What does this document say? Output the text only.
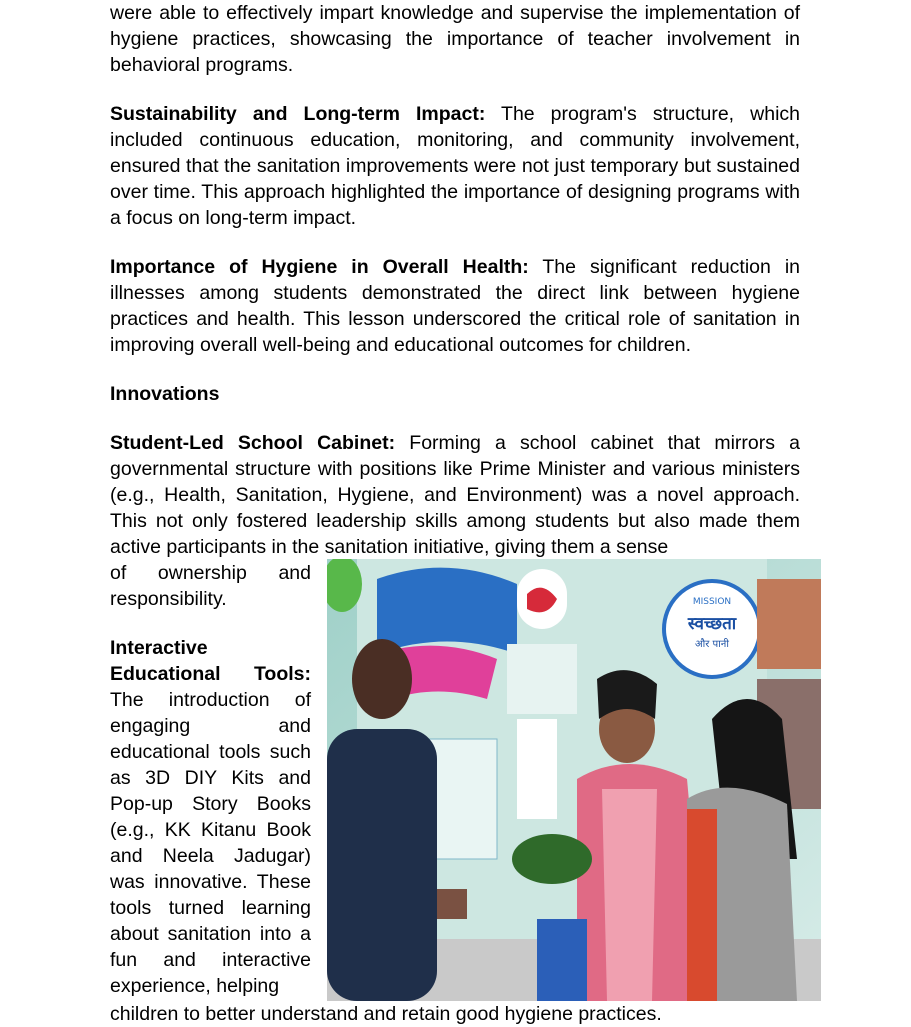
were able to effectively impart knowledge and supervise the implementation of hygiene practices, showcasing the importance of teacher involvement in behavioral programs.

Sustainability and Long-term Impact: The program's structure, which included continuous education, monitoring, and community involvement, ensured that the sanitation improvements were not just temporary but sustained over time. This approach highlighted the importance of designing programs with a focus on long-term impact.

Importance of Hygiene in Overall Health: The significant reduction in illnesses among students demonstrated the direct link between hygiene practices and health. This lesson underscored the critical role of sanitation in improving overall well-being and educational outcomes for children.

Innovations

Student-Led School Cabinet: Forming a school cabinet that mirrors a governmental structure with positions like Prime Minister and various ministers (e.g., Health, Sanitation, Hygiene, and Environment) was a novel approach. This not only fostered leadership skills among students but also made them active participants in the sanitation initiative, giving them a sense

of ownership and responsibility.
Interactive Educational Tools: The introduction of engaging and educational tools such as 3D DIY Kits and Pop-up Story Books (e.g., KK Kitanu Book and Neela Jadugar) was innovative. These tools turned learning about sanitation into a fun and interactive experience, helping
children to better understand and retain good hygiene practices.
MISSION
स्वच्छता
और पानी
